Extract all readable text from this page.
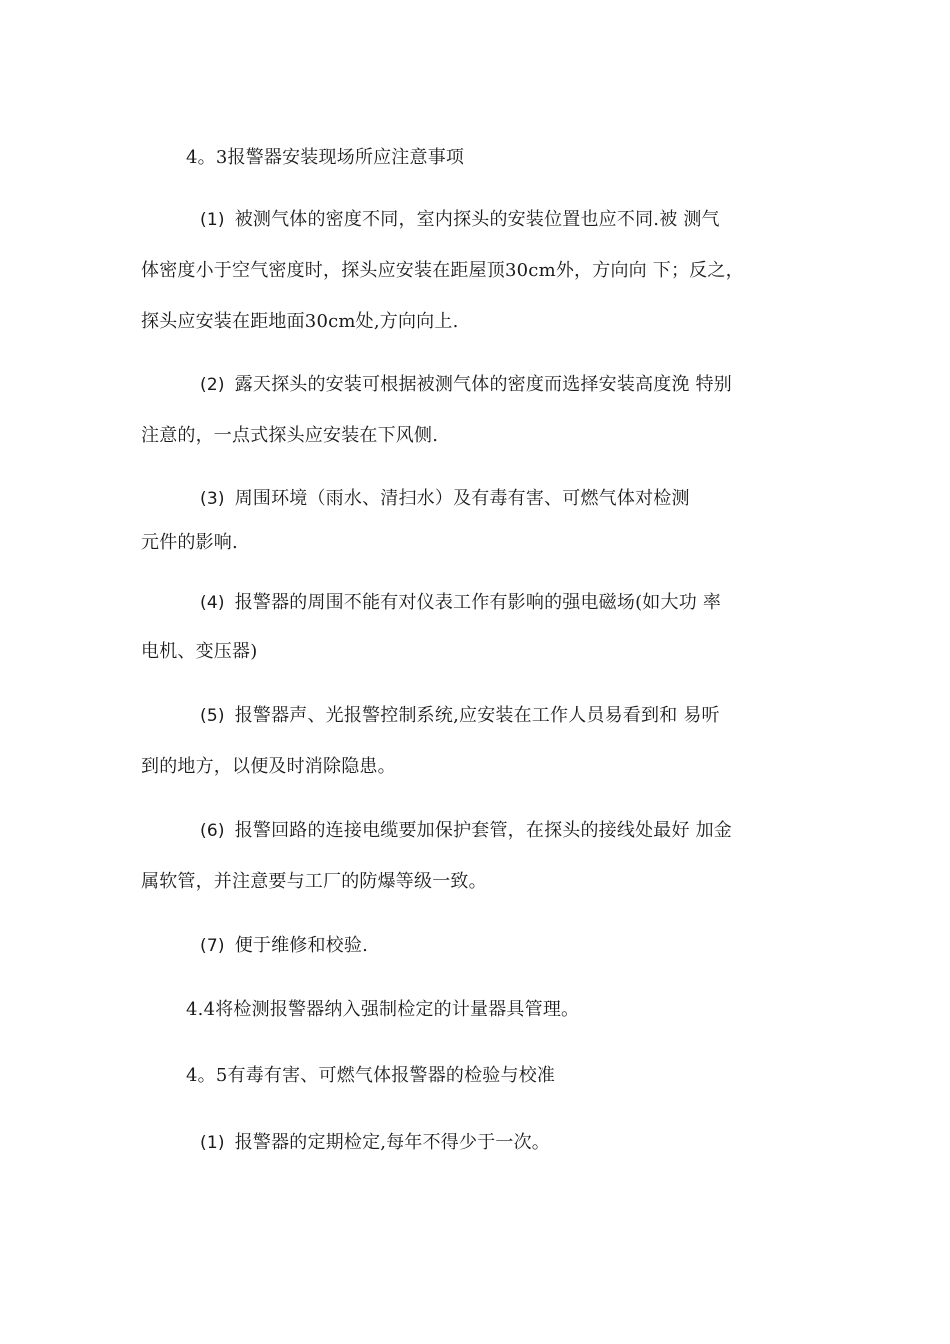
4。3报警器安装现场所应注意事项
(1) 被测气体的密度不同，室内探头的安装位置也应不同.被 测气
体密度小于空气密度时，探头应安装在距屋顶30cm外，方向向 下；反之，
探头应安装在距地面30cm处,方向向上.
(2) 露天探头的安装可根据被测气体的密度而选择安装高度浼 特别
注意的，一点式探头应安装在下风侧.
(3) 周围环境（雨水、清扫水）及有毒有害、可燃气体对检测
元件的影响.
(4) 报警器的周围不能有对仪表工作有影响的强电磁场(如大功 率
电机、变压器)
(5) 报警器声、光报警控制系统,应安装在工作人员易看到和 易听
到的地方，以便及时消除隐患。
(6) 报警回路的连接电缆要加保护套管，在探头的接线处最好 加金
属软管，并注意要与工厂的防爆等级一致。
(7) 便于维修和校验.
4.4将检测报警器纳入强制检定的计量器具管理。
4。5有毒有害、可燃气体报警器的检验与校准
(1) 报警器的定期检定,每年不得少于一次。
